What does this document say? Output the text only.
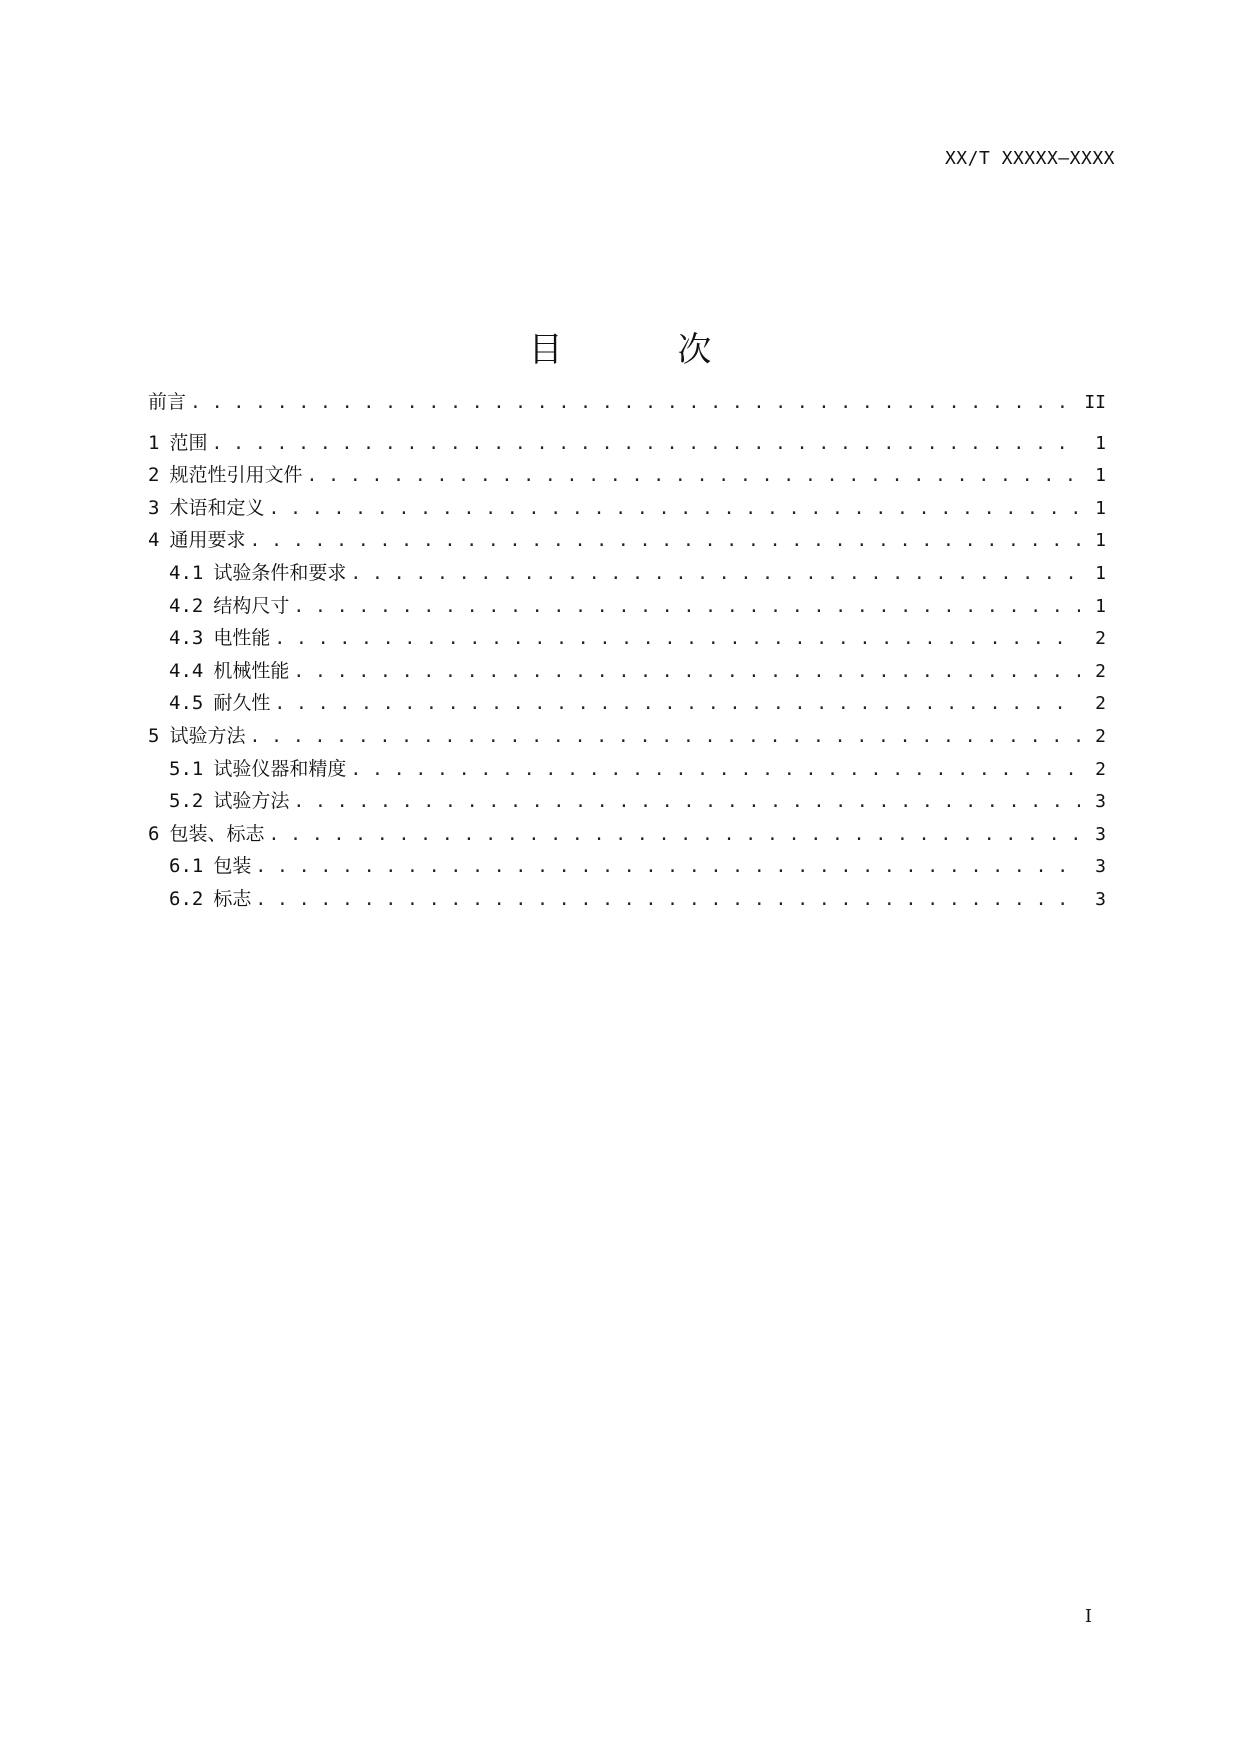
XX/T XXXXX—XXXX
目 次
前言 . . .	II
1 范围 . . .	1
2 规范性引用文件 . . .	1
3 术语和定义 . . .	1
4 通用要求 . . .	1
4.1 试验条件和要求 . . .	1
4.2 结构尺寸 . . .	1
4.3 电性能 . . .	2
4.4 机械性能 . . .	2
4.5 耐久性 . . .	2
5 试验方法 . . .	2
5.1 试验仪器和精度 . . .	2
5.2 试验方法 . . .	3
6 包装、标志 . . .	3
6.1 包装 . . .	3
6.2 标志 . . .	3
I
